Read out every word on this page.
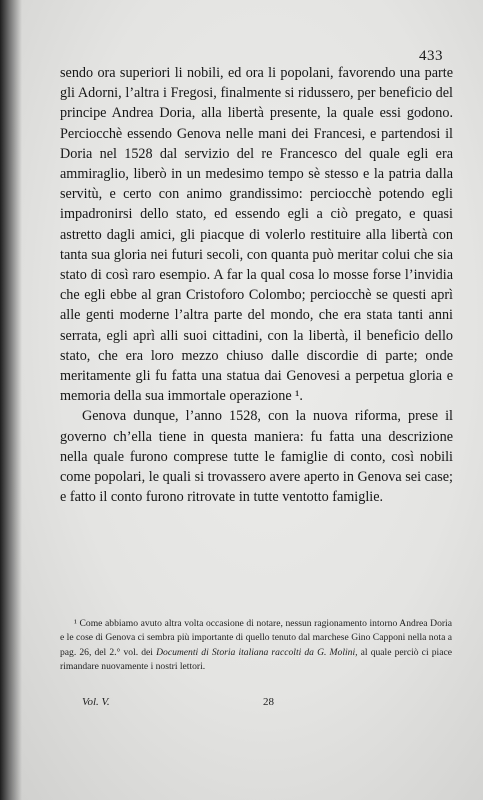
433

sendo ora superiori li nobili, ed ora li popolani, favorendo una parte gli Adorni, l’altra i Fregosi, finalmente si ridussero, per beneficio del principe Andrea Doria, alla libertà presente, la quale essi godono. Perciocchè essendo Genova nelle mani dei Francesi, e partendosi il Doria nel 1528 dal servizio del re Francesco del quale egli era ammiraglio, liberò in un medesimo tempo sè stesso e la patria dalla servitù, e certo con animo grandissimo: perciocchè potendo egli impadronirsi dello stato, ed essendo egli a ciò pregato, e quasi astretto dagli amici, gli piacque di volerlo restituire alla libertà con tanta sua gloria nei futuri secoli, con quanta può meritar colui che sia stato di così raro esempio. A far la qual cosa lo mosse forse l’invidia che egli ebbe al gran Cristoforo Colombo; perciocchè se questi aprì alle genti moderne l’altra parte del mondo, che era stata tanti anni serrata, egli aprì alli suoi cittadini, con la libertà, il beneficio dello stato, che era loro mezzo chiuso dalle discordie di parte; onde meritamente gli fu fatta una statua dai Genovesi a perpetua gloria e memoria della sua immortale operazione ¹.

Genova dunque, l’anno 1528, con la nuova riforma, prese il governo ch’ella tiene in questa maniera: fu fatta una descrizione nella quale furono comprese tutte le famiglie di conto, così nobili come popolari, le quali si trovassero avere aperto in Genova sei case; e fatto il conto furono ritrovate in tutte ventotto famiglie.

¹ Come abbiamo avuto altra volta occasione di notare, nessun ragionamento intorno Andrea Doria e le cose di Genova ci sembra più importante di quello tenuto dal marchese Gino Capponi nella nota a pag. 26, del 2.° vol. dei Documenti di Storia italiana raccolti da G. Molini, al quale perciò ci piace rimandare nuovamente i nostri lettori.

Vol. V.	28
